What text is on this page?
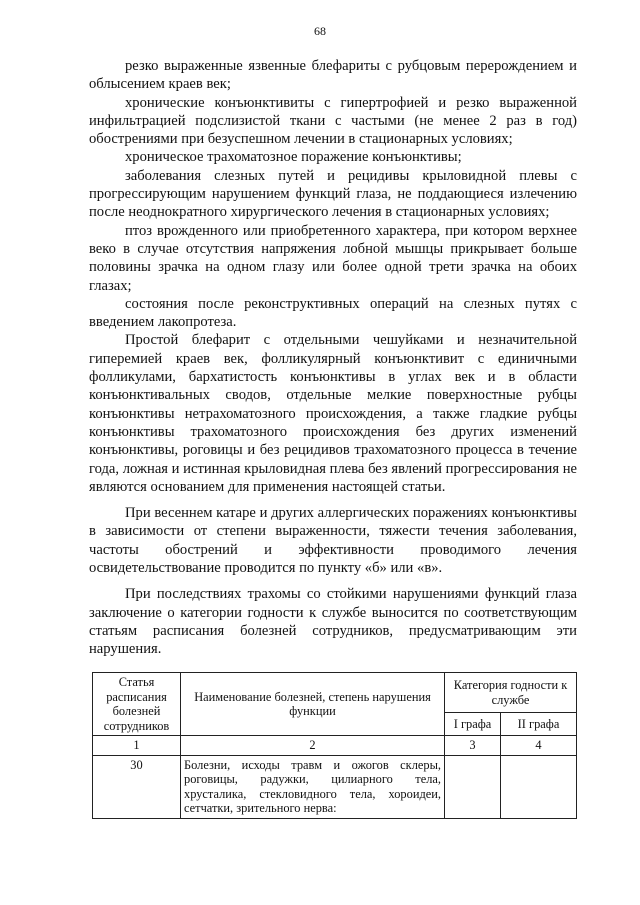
68

резко выраженные язвенные блефариты с рубцовым перерождением и облысением краев век;

хронические конъюнктивиты с гипертрофией и резко выраженной инфильтрацией подслизистой ткани с частыми (не менее 2 раз в год) обострениями при безуспешном лечении в стационарных условиях;

хроническое трахоматозное поражение конъюнктивы;

заболевания слезных путей и рецидивы крыловидной плевы с прогрессирующим нарушением функций глаза, не поддающиеся излечению после неоднократного хирургического лечения в стационарных условиях;

птоз врожденного или приобретенного характера, при котором верхнее веко в случае отсутствия напряжения лобной мышцы прикрывает больше половины зрачка на одном глазу или более одной трети зрачка на обоих глазах;

состояния после реконструктивных операций на слезных путях с введением лакопротеза.

Простой блефарит с отдельными чешуйками и незначительной гиперемией краев век, фолликулярный конъюнктивит с единичными фолликулами, бархатистость конъюнктивы в углах век и в области конъюнктивальных сводов, отдельные мелкие поверхностные рубцы конъюнктивы нетрахоматозного происхождения, а также гладкие рубцы конъюнктивы трахоматозного происхождения без других изменений конъюнктивы, роговицы и без рецидивов трахоматозного процесса в течение года, ложная и истинная крыловидная плева без явлений прогрессирования не являются основанием для применения настоящей статьи.

При весеннем катаре и других аллергических поражениях конъюнктивы в зависимости от степени выраженности, тяжести течения заболевания, частоты обострений и эффективности проводимого лечения освидетельствование проводится по пункту «б» или «в».

При последствиях трахомы со стойкими нарушениями функций глаза заключение о категории годности к службе выносится по соответствующим статьям расписания болезней сотрудников, предусматривающим эти нарушения.

Статья расписания болезней сотрудников	Наименование болезней, степень нарушения функции	Категория годности к службе	
		I графа	II графа
1	2	3	4
30	Болезни, исходы травм и ожогов склеры, роговицы, радужки, цилиарного тела, хрусталика, стекловидного тела, хороидеи, сетчатки, зрительного нерва:		
